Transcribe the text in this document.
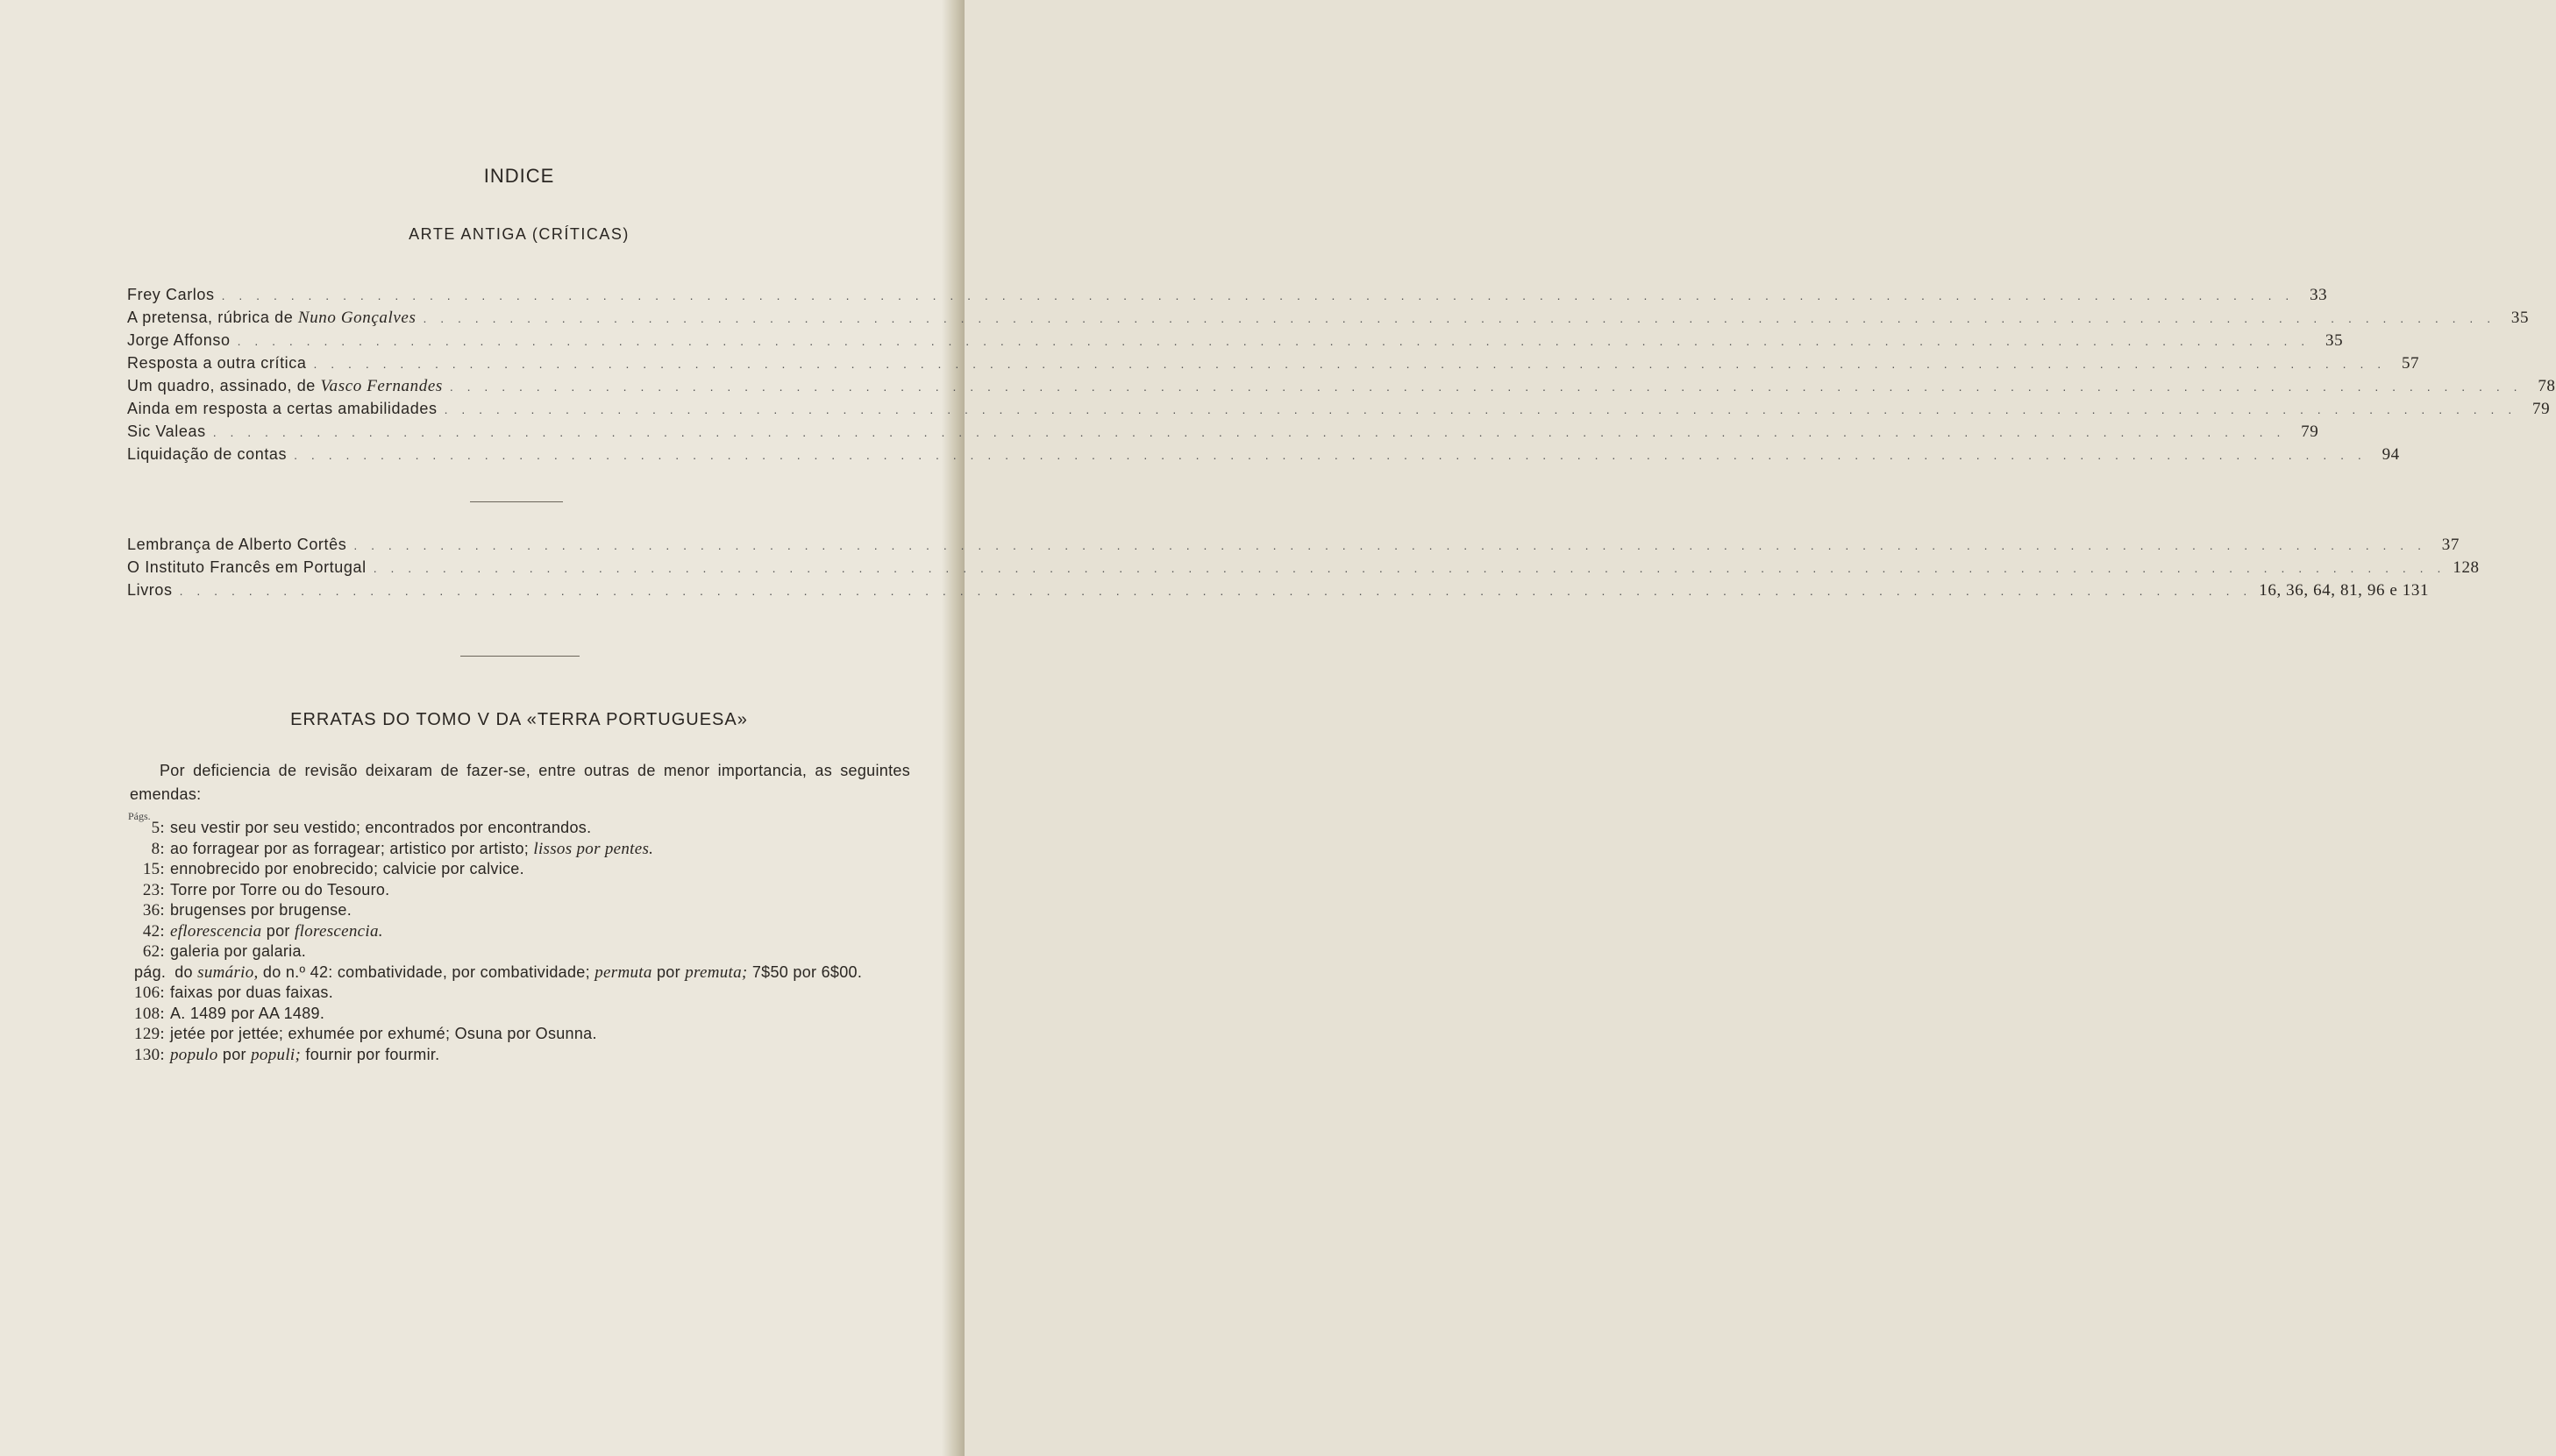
INDICE
ARTE ANTIGA (CRÍTICAS)
Frey Carlos . . . . . . . . . . . . . . . . . . . . . . . . . . . . . . . . . . . . . . . . . . . . . . . . . . . . . . . . . . . . . . . . . . . . . . . . . . . . . . . . . . . . . . . . . . . . . . . . . . . . . . . . . . . . . . . . . . . . . . . . 33
A pretensa, rúbrica de Nuno Gonçalves . . . . . . . . . . . . . . . . . . . . . . . . . . . . . . . . . . . . . . . . . . . . . . . . . . . . . . . . . . . . . . . . . . . . . . . . . . . . . . . . . . . . . . . . . . . . . . . . . . . . . . . . . . . . . . . . . . . . . . . . 35
Jorge Affonso . . . . . . . . . . . . . . . . . . . . . . . . . . . . . . . . . . . . . . . . . . . . . . . . . . . . . . . . . . . . . . . . . . . . . . . . . . . . . . . . . . . . . . . . . . . . . . . . . . . . . . . . . . . . . . . . . . . . . . . . 35
Resposta a outra crítica . . . . . . . . . . . . . . . . . . . . . . . . . . . . . . . . . . . . . . . . . . . . . . . . . . . . . . . . . . . . . . . . . . . . . . . . . . . . . . . . . . . . . . . . . . . . . . . . . . . . . . . . . . . . . . . . . . . . . . . . 57
Um quadro, assinado, de Vasco Fernandes . . . . . . . . . . . . . . . . . . . . . . . . . . . . . . . . . . . . . . . . . . . . . . . . . . . . . . . . . . . . . . . . . . . . . . . . . . . . . . . . . . . . . . . . . . . . . . . . . . . . . . . . . . . . . . . . . . . . . . . . 78
Ainda em resposta a certas amabilidades . . . . . . . . . . . . . . . . . . . . . . . . . . . . . . . . . . . . . . . . . . . . . . . . . . . . . . . . . . . . . . . . . . . . . . . . . . . . . . . . . . . . . . . . . . . . . . . . . . . . . . . . . . . . . . . . . . . . . . . . 79
Sic Valeas . . . . . . . . . . . . . . . . . . . . . . . . . . . . . . . . . . . . . . . . . . . . . . . . . . . . . . . . . . . . . . . . . . . . . . . . . . . . . . . . . . . . . . . . . . . . . . . . . . . . . . . . . . . . . . . . . . . . . . . . 79
Liquidação de contas . . . . . . . . . . . . . . . . . . . . . . . . . . . . . . . . . . . . . . . . . . . . . . . . . . . . . . . . . . . . . . . . . . . . . . . . . . . . . . . . . . . . . . . . . . . . . . . . . . . . . . . . . . . . . . . . . . . . . . . . 94
Lembrança de Alberto Cortês . . . . . . . . . . . . . . . . . . . . . . . . . . . . . . . . . . . . . . . . . . . . . . . . . . . . . . . . . . . . . . . . . . . . . . . . . . . . . . . . . . . . . . . . . . . . . . . . . . . . . . . . . . . . . . . . . . . . . . . . 37
O Instituto Francês em Portugal . . . . . . . . . . . . . . . . . . . . . . . . . . . . . . . . . . . . . . . . . . . . . . . . . . . . . . . . . . . . . . . . . . . . . . . . . . . . . . . . . . . . . . . . . . . . . . . . . . . . . . . . . . . . . . . . . . . . . . . . 128
Livros . . . . . . . . . . . . . . . . . . . . . . . . . . . . . . . . . . . . . . . . . . . . . . . . . . . . . . . . . . . . . . . . . . . . . . . . . . . . . . . . . . . . . . . . . . . . . . . . . . . . . . . . . . . . . . . . . . . . . . . . 16, 36, 64, 81, 96 e 131
ERRATAS DO TOMO V DA «TERRA PORTUGUESA»
Por deficiencia de revisão deixaram de fazer-se, entre outras de menor importancia, as seguintes emendas:
Págs.
5: seu vestir por seu vestido; encontrados por encontrandos.
8: ao forragear por as forragear; artistico por artisto; lissos por pentes.
15: ennobrecido por enobrecido; calvicie por calvice.
23: Torre por Torre ou do Tesouro.
36: brugenses por brugense.
42: eflorescencia por florescencia.
62: galeria por galaria.
pág. do sumário, do n.º 42: combatividade, por combatividade; permuta por premuta; 7$50 por 6$00.
106: faixas por duas faixas.
108: A. 1489 por AA 1489.
129: jetée por jettée; exhumée por exhumé; Osuna por Osunna.
130: populo por populi; fournir por fourmir.
